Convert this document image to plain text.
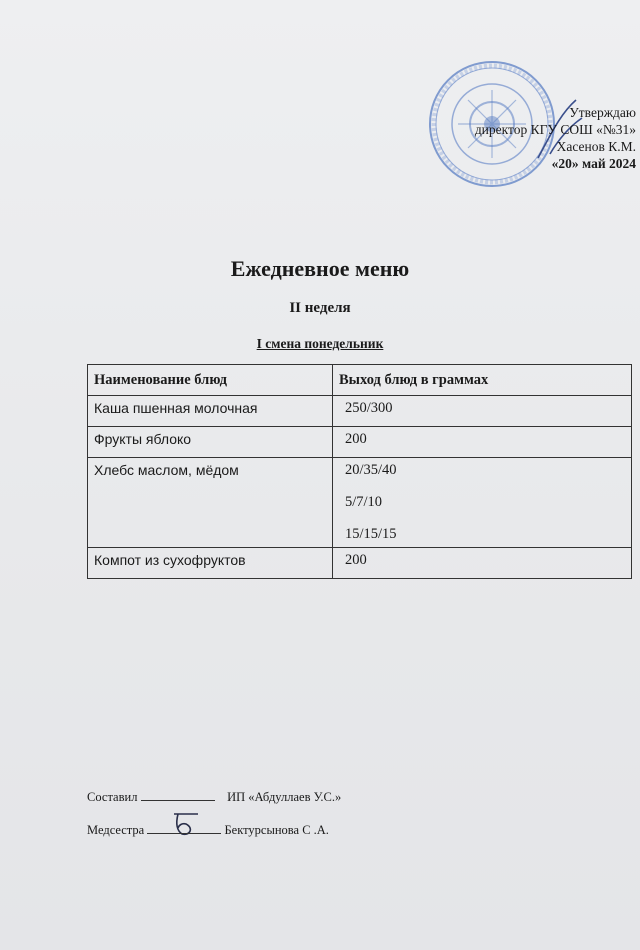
Утверждаю
директор КГУ СОШ «№31»
Хасенов К.М.
«20» май 2024
Ежедневное меню
II неделя
I смена понедельник
Наименование блюд	Выход блюд в граммах
Каша пшенная молочная	250/300
Фрукты яблоко	200
Хлебс маслом, мёдом	20/35/40
5/7/10
15/15/15

Компот из сухофруктов	200
Составил	ИП «Абдуллаев У.С.»
Медсестра	Бектурсынова С .А.
